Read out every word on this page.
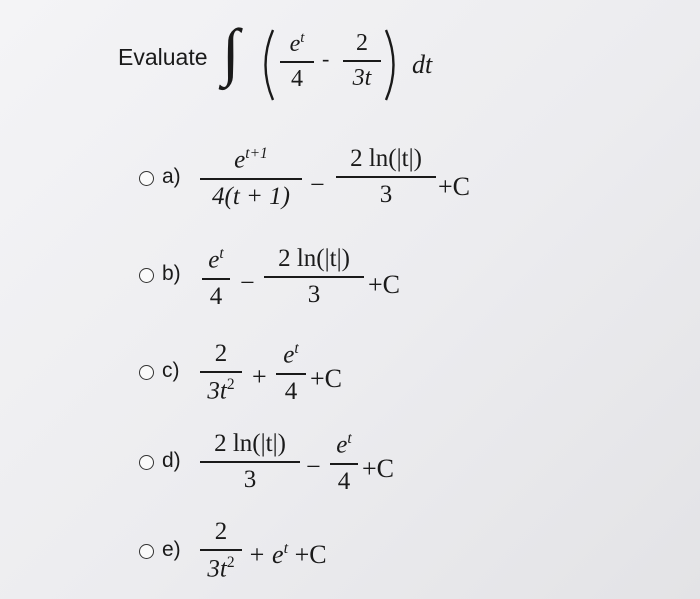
Evaluate ∫	$e^t$
4
-
2
3t	dt
a)
$e^{t+1}$
4(t + 1) −
2 ln(|t|)
3	+C
b) $e^t$
4 −
2 ln(|t|)
3	+C
c)
2
$3t^2$ +
$e^t$
4 +C
d)
2 ln(|t|)
3	−
$e^t$
4 +C
e)
2
$3t^2 + e^t +C$
